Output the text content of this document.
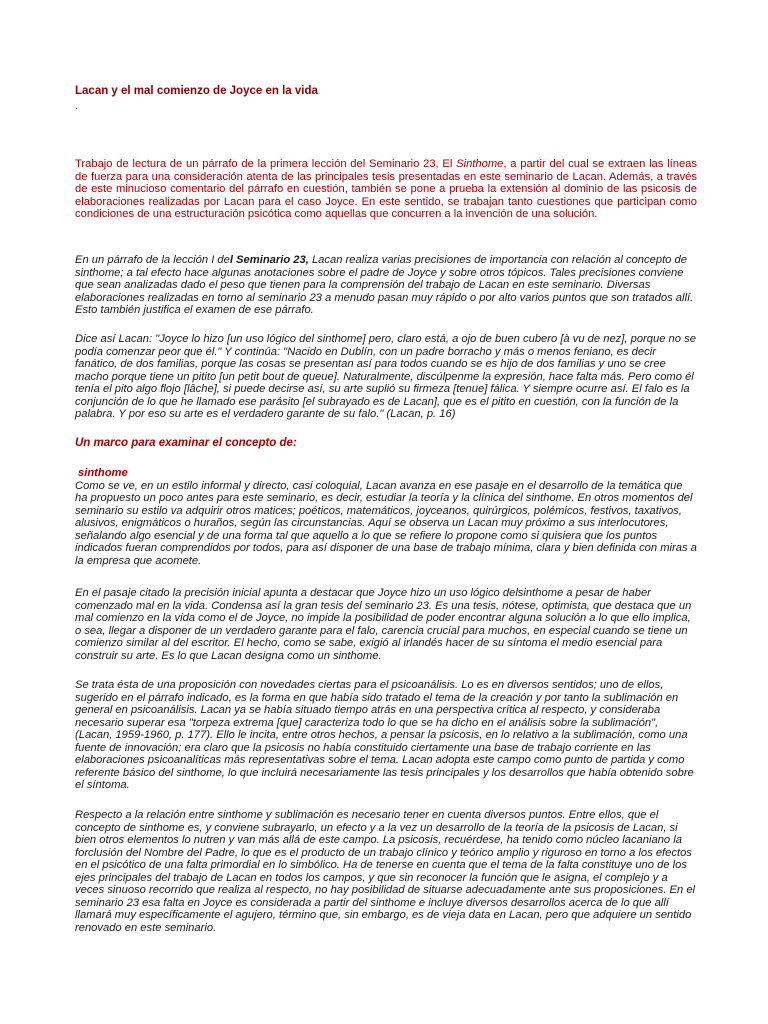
Lacan y el mal comienzo de Joyce en la vida
.

Trabajo de lectura de un párrafo de la primera lección del Seminario 23, El Sinthome, a partir del cual se extraen las líneas de fuerza para una consideración atenta de las principales tesis presentadas en este seminario de Lacan. Además, a través de este minucioso comentario del párrafo en cuestión, también se pone a prueba la extensión al dominio de las psicosis de elaboraciones realizadas por Lacan para el caso Joyce. En este sentido, se trabajan tanto cuestiones que participan como condiciones de una estructuración psicótica como aquellas que concurren a la invención de una solución.

En un párrafo de la lección I del Seminario 23, Lacan realiza varias precisiones de importancia con relación al concepto de sinthome; a tal efecto hace algunas anotaciones sobre el padre de Joyce y sobre otros tópicos. Tales precisiones conviene que sean analizadas dado el peso que tienen para la comprensión del trabajo de Lacan en este seminario. Diversas elaboraciones realizadas en torno al seminario 23 a menudo pasan muy rápido o por alto varios puntos que son tratados allí. Esto también justifica el examen de ese párrafo.

Dice así Lacan: "Joyce lo hizo [un uso lógico del sinthome] pero, claro está, a ojo de buen cubero [à vu de nez], porque no se podía comenzar peor que él." Y continúa: "Nacido en Dublín, con un padre borracho y más o menos feniano, es decir fanático, de dos familias, porque las cosas se presentan así para todos cuando se es hijo de dos familias y uno se cree macho porque tiene un pitito [un petit bout de queue]. Naturalmente, discúlpenme la expresión, hace falta más. Pero como él tenía el pito algo flojo [lâche], si puede decirse así, su arte suplió su firmeza [tenue] fálica. Y siempre ocurre así. El falo es la conjunción de lo que he llamado ese parásito [el subrayado es de Lacan], que es el pitito en cuestión, con la función de la palabra. Y por eso su arte es el verdadero garante de su falo." (Lacan, p. 16)

Un marco para examinar el concepto de:

sinthome
Como se ve, en un estilo informal y directo, casi coloquial, Lacan avanza en ese pasaje en el desarrollo de la temática que ha propuesto un poco antes para este seminario, es decir, estudiar la teoría y la clínica del sinthome. En otros momentos del seminario su estilo va adquirir otros matices; poéticos, matemáticos, joyceanos, quirúrgicos, polémicos, festivos, taxativos, alusivos, enigmáticos o huraños, según las circunstancias. Aquí se observa un Lacan muy próximo a sus interlocutores, señalando algo esencial y de una forma tal que aquello a lo que se refiere lo propone como si quisiera que los puntos indicados fueran comprendidos por todos, para así disponer de una base de trabajo mínima, clara y bien definida con miras a la empresa que acomete.

En el pasaje citado la precisión inicial apunta a destacar que Joyce hizo un uso lógico delsinthome a pesar de haber comenzado mal en la vida. Condensa así la gran tesis del seminario 23. Es una tesis, nótese, optimista, que destaca que un mal comienzo en la vida como el de Joyce, no impide la posibilidad de poder encontrar alguna solución a lo que ello implica, o sea, llegar a disponer de un verdadero garante para el falo, carencia crucial para muchos, en especial cuando se tiene un comienzo similar al del escritor. El hecho, como se sabe, exigió al irlandés hacer de su síntoma el medio esencial para construir su arte. Es lo que Lacan designa como un sinthome.

Se trata ésta de una proposición con novedades ciertas para el psicoanálisis. Lo es en diversos sentidos; uno de ellos, sugerido en el párrafo indicado, es la forma en que había sido tratado el tema de la creación y por tanto la sublimación en general en psicoanálisis. Lacan ya se había situado tiempo atrás en una perspectiva crítica al respecto, y consideraba necesario superar esa "torpeza extrema [que] caracteriza todo lo que se ha dicho en el análisis sobre la sublimación", (Lacan, 1959-1960, p. 177). Ello le incita, entre otros hechos, a pensar la psicosis, en lo relativo a la sublimación, como una fuente de innovación; era claro que la psicosis no había constituido ciertamente una base de trabajo corriente en las elaboraciones psicoanalíticas más representativas sobre el tema. Lacan adopta este campo como punto de partida y como referente básico del sinthome, lo que incluirá necesariamente las tesis principales y los desarrollos que había obtenido sobre el síntoma.

Respecto a la relación entre sinthome y sublimación es necesario tener en cuenta diversos puntos. Entre ellos, que el concepto de sinthome es, y conviene subrayarlo, un efecto y a la vez un desarrollo de la teoría de la psicosis de Lacan, si bien otros elementos lo nutren y van más allá de este campo. La psicosis, recuérdese, ha tenido como núcleo lacaniano la forclusión del Nombre del Padre, lo que es el producto de un trabajo clínico y teórico amplio y riguroso en torno a los efectos en el psicótico de una falta primordial en lo simbólico. Ha de tenerse en cuenta que el tema de la falta constituye uno de los ejes principales del trabajo de Lacan en todos los campos, y que sin reconocer la función que le asigna, el complejo y a veces sinuoso recorrido que realiza al respecto, no hay posibilidad de situarse adecuadamente ante sus proposiciones. En el seminario 23 esa falta en Joyce es considerada a partir del sinthome e incluye diversos desarrollos acerca de lo que allí llamará muy específicamente el agujero, término que, sin embargo, es de vieja data en Lacan, pero que adquiere un sentido renovado en este seminario.
